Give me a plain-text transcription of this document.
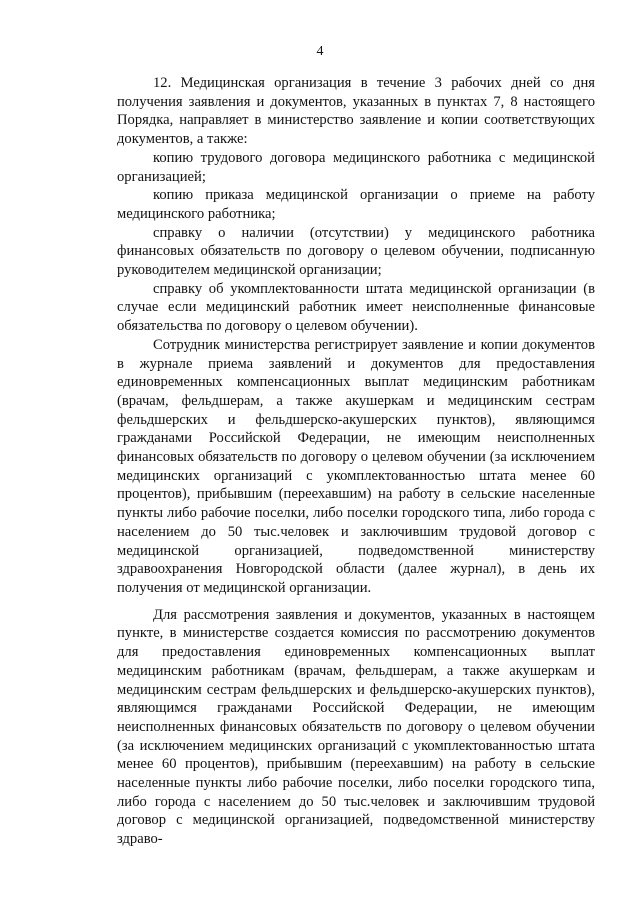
4

12. Медицинская организация в течение 3 рабочих дней со дня получения заявления и документов, указанных в пунктах 7, 8 настоящего Порядка, направляет в министерство заявление и копии соответствующих документов, а также:

копию трудового договора медицинского работника с медицинской организацией;

копию приказа медицинской организации о приеме на работу медицинского работника;

справку о наличии (отсутствии) у медицинского работника финансовых обязательств по договору о целевом обучении, подписанную руководителем медицинской организации;

справку об укомплектованности штата медицинской организации (в случае если медицинский работник имеет неисполненные финансовые обязательства по договору о целевом обучении).

Сотрудник министерства регистрирует заявление и копии документов в журнале приема заявлений и документов для предоставления единовременных компенсационных выплат медицинским работникам (врачам, фельдшерам, а также акушеркам и медицинским сестрам фельдшерских и фельдшерско-акушерских пунктов), являющимся гражданами Российской Федерации, не имеющим неисполненных финансовых обязательств по договору о целевом обучении (за исключением медицинских организаций с укомплектованностью штата менее 60 процентов), прибывшим (переехавшим) на работу в сельские населенные пункты либо рабочие поселки, либо поселки городского типа, либо города с населением до 50 тыс.человек и заключившим трудовой договор с медицинской организацией, подведомственной министерству здравоохранения Новгородской области (далее журнал), в день их получения от медицинской организации.

Для рассмотрения заявления и документов, указанных в настоящем пункте, в министерстве создается комиссия по рассмотрению документов для предоставления единовременных компенсационных выплат медицинским работникам (врачам, фельдшерам, а также акушеркам и медицинским сестрам фельдшерских и фельдшерско-акушерских пунктов), являющимся гражданами Российской Федерации, не имеющим неисполненных финансовых обязательств по договору о целевом обучении (за исключением медицинских организаций с укомплектованностью штата менее 60 процентов), прибывшим (переехавшим) на работу в сельские населенные пункты либо рабочие поселки, либо поселки городского типа, либо города с населением до 50 тыс.человек и заключившим трудовой договор с медицинской организацией, подведомственной министерству здраво-
